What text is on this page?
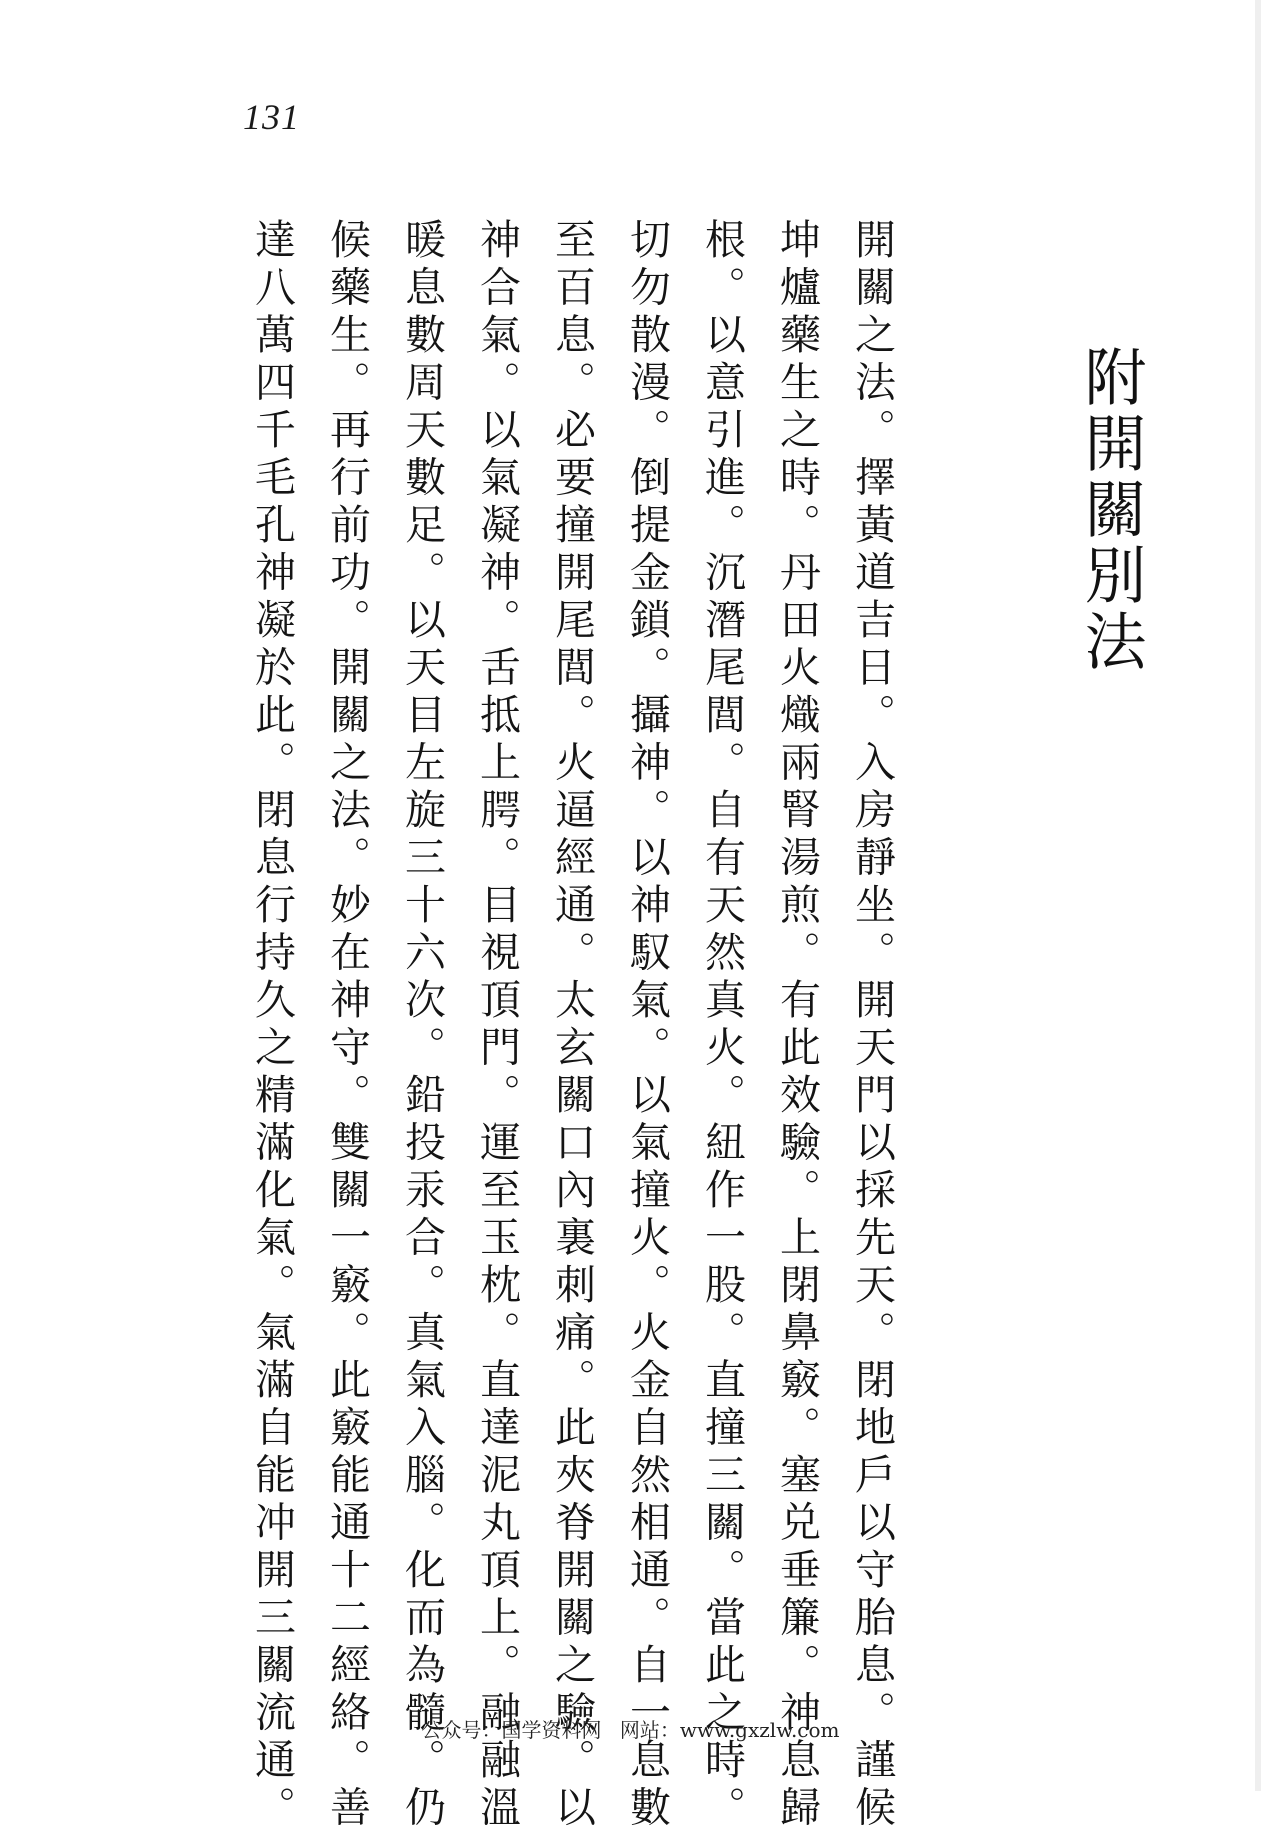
131
附開關別法
開關之法。擇黃道吉日。入房靜坐。開天門以採先天。閉地戶以守胎息。謹候
坤爐藥生之時。丹田火熾兩腎湯煎。有此效驗。上閉鼻竅。塞兑垂簾。神息歸
根。以意引進。沉潛尾閭。自有天然真火。紐作一股。直撞三關。當此之時。
切勿散漫。倒提金鎖。攝神。以神馭氣。以氣撞火。火金自然相通。自一息數
至百息。必要撞開尾閭。火逼經通。太玄關口內裏刺痛。此夾脊開關之驗。以
神合氣。以氣凝神。舌抵上腭。目視頂門。運至玉枕。直達泥丸頂上。融融溫
暖息數周天數足。以天目左旋三十六次。鉛投汞合。真氣入腦。化而為髓。仍
候藥生。再行前功。開關之法。妙在神守。雙關一竅。此竅能通十二經絡。善
達八萬四千毛孔神凝於此。閉息行持久之精滿化氣。氣滿自能冲開三關流通。	公众号：国学资料网 网站：www.gxzlw.com
